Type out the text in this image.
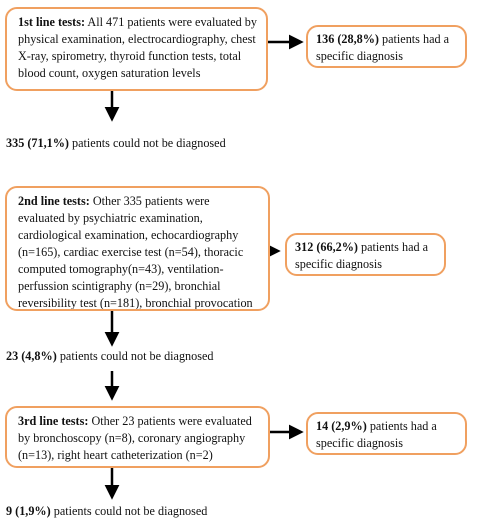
1st line tests: All 471 patients were evaluated by physical examination, electrocardiography, chest X-ray, spirometry, thyroid function tests, total blood count, oxygen saturation levels
136 (28,8%) patients had a specific diagnosis
335 (71,1%) patients could not be diagnosed
2nd line tests: Other 335 patients were evaluated by psychiatric examination, cardiological examination, echocardiography (n=165), cardiac exercise test (n=54), thoracic computed tomography(n=43), ventilation-perfussion scintigraphy (n=29), bronchial reversibility test (n=181), bronchial provocation
312 (66,2%) patients had a specific diagnosis
23 (4,8%) patients could not be diagnosed
3rd line tests: Other 23 patients were evaluated by bronchoscopy (n=8), coronary angiography (n=13), right heart catheterization (n=2)
14 (2,9%) patients had a specific diagnosis
9 (1,9%) patients could not be diagnosed
